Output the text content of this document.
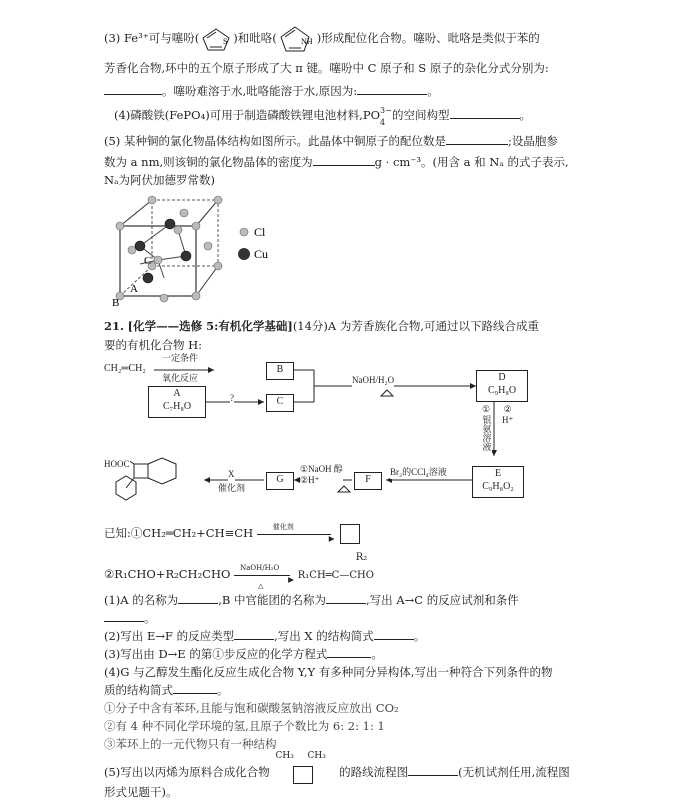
(3) Fe³⁺可与噻吩(	S )和吡咯(	NH )形成配位化合物。噻吩、吡咯是类似于苯的
芳香化合物,环中的五个原子形成了大 π 键。噻吩中 C 原子和 S 原子的杂化分式分别为:
。噻吩难溶于水,吡咯能溶于水,原因为:	。
(4)磷酸铁(FePO₄)可用于制造磷酸铁锂电池材料,PO 3−
4
的空间构型	。
(5) 某种铜的氯化物晶体结构如图所示。此晶体中铜原子的配位数是	;设晶胞参
数为 a nm,则该铜的氯化物晶体的密度为	g · cm⁻³。(用含 a 和 Nₐ 的式子表示,
Nₐ为阿伏加德罗常数)
B
A
C
Cl
Cu
21. [化学——选修 5:有机化学基础](14分)A 为芳香族化合物,可通过以下路线合成重
要的有机化合物 H:
CH₂═CH₂
一定条件
氧化反应
B
C
A
C₇H₈O
?
NaOH/H₂O	D
C₉H₈O
①
银氨溶液
②
H⁺
E
C₉H₈O₂
Br₂的CCl₄溶液
F
①NaOH 醇
②H⁺
G
X
催化剂
HOOC
已知:①CH₂═CH₂+CH≡CH	催化剂
▸

②R₁CHO+R₂CH₂CHO NaOH/H₂O
▸
△

R₂
R₁CH═C—CHO
(1)A 的名称为	,B 中官能团的名称为	,写出 A→C 的反应试剂和条件
。
(2)写出 E→F 的反应类型	,写出 X 的结构简式	。
(3)写出由 D→E 的第①步反应的化学方程式	。
(4)G 与乙醇发生酯化反应生成化合物 Y,Y 有多种同分异构体,写出一种符合下列条件的物
质的结构简式	。
①分子中含有苯环,且能与饱和碳酸氢钠溶液反应放出 CO₂
②有 4 种不同化学环境的氢,且原子个数比为 6: 2: 1: 1
③苯环上的一元代物只有一种结构
(5)写出以丙烯为原料合成化合物
CH₃ CH₃
的路线流程图	(无机试剂任用,流程图
形式见题干)。
